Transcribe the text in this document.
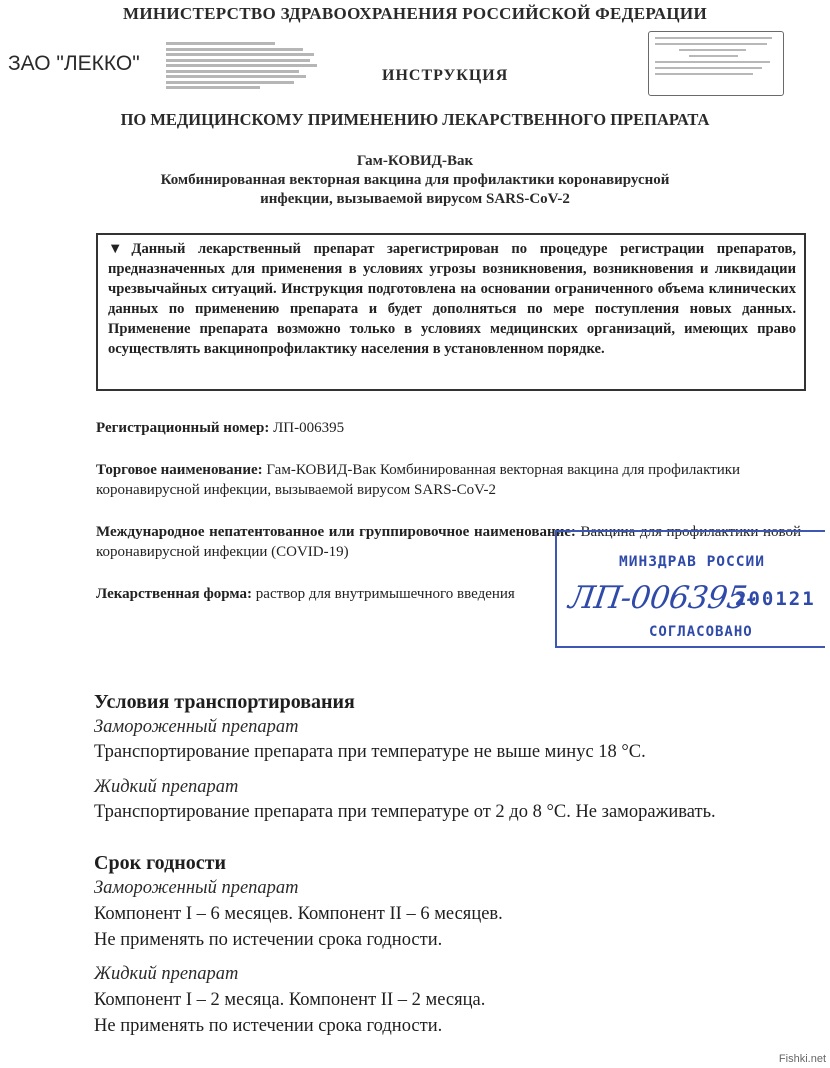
МИНИСТЕРСТВО ЗДРАВООХРАНЕНИЯ РОССИЙСКОЙ ФЕДЕРАЦИИ
ЗАО "ЛЕККО"
ИНСТРУКЦИЯ
ПО МЕДИЦИНСКОМУ ПРИМЕНЕНИЮ ЛЕКАРСТВЕННОГО ПРЕПАРАТА
Гам-КОВИД-Вак
Комбинированная векторная вакцина для профилактики коронавирусной
инфекции, вызываемой вирусом SARS-CoV-2
▼Данный лекарственный препарат зарегистрирован по процедуре регистрации препаратов, предназначенных для применения в условиях угрозы возникновения, возникновения и ликвидации чрезвычайных ситуаций. Инструкция подготовлена на основании ограниченного объема клинических данных по применению препарата и будет дополняться по мере поступления новых данных. Применение препарата возможно только в условиях медицинских организаций, имеющих право осуществлять вакцинопрофилактику населения в установленном порядке.
Регистрационный номер: ЛП-006395
Торговое наименование: Гам-КОВИД-Вак Комбинированная векторная вакцина для профилактики коронавирусной инфекции, вызываемой вирусом SARS-CoV-2
Международное непатентованное или группировочное наименование: Вакцина для профилактики новой коронавирусной инфекции (COVID-19)
Лекарственная форма: раствор для внутримышечного введения
МИНЗДРАВ РОССИИ
ЛП-006395-
200121
СОГЛАСОВАНО
Условия транспортирования
Замороженный препарат
Транспортирование препарата при температуре не выше минус 18 °С.
Жидкий препарат
Транспортирование препарата при температуре от 2 до 8 °С. Не замораживать.
Срок годности
Замороженный препарат
Компонент I – 6 месяцев. Компонент II – 6 месяцев.
Не применять по истечении срока годности.
Жидкий препарат
Компонент I – 2 месяца. Компонент II – 2 месяца.
Не применять по истечении срока годности.
Fishki.net
